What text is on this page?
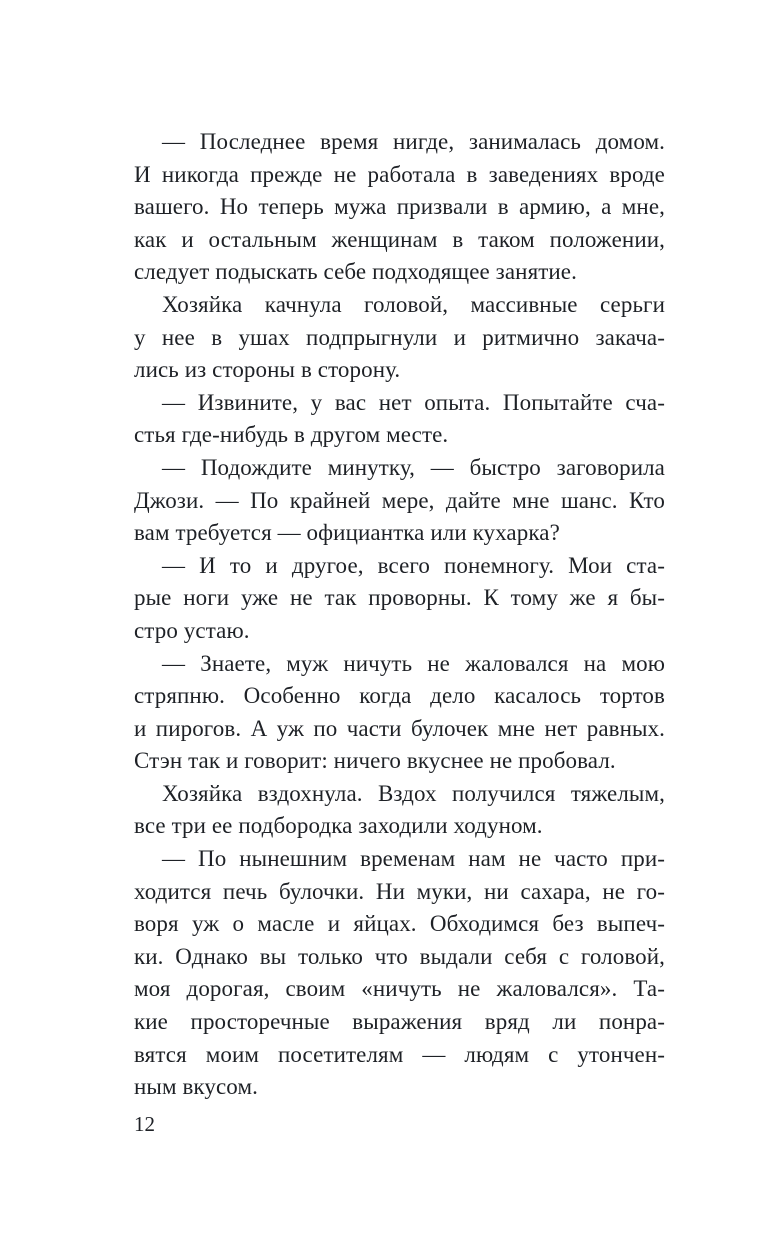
— Последнее время нигде, занималась домом.
И никогда прежде не работала в заведениях вроде
вашего. Но теперь мужа призвали в армию, а мне,
как и остальным женщинам в таком положении,
следует подыскать себе подходящее занятие.
Хозяйка качнула головой, массивные серьги
у нее в ушах подпрыгнули и ритмично закача-
лись из стороны в сторону.
— Извините, у вас нет опыта. Попытайте сча-
стья где-нибудь в другом месте.
— Подождите минутку, — быстро заговорила
Джози. — По крайней мере, дайте мне шанс. Кто
вам требуется — официантка или кухарка?
— И то и другое, всего понемногу. Мои ста-
рые ноги уже не так проворны. К тому же я бы-
стро устаю.
— Знаете, муж ничуть не жаловался на мою
стряпню. Особенно когда дело касалось тортов
и пирогов. А уж по части булочек мне нет равных.
Стэн так и говорит: ничего вкуснее не пробовал.
Хозяйка вздохнула. Вздох получился тяжелым,
все три ее подбородка заходили ходуном.
— По нынешним временам нам не часто при-
ходится печь булочки. Ни муки, ни сахара, не го-
воря уж о масле и яйцах. Обходимся без выпеч-
ки. Однако вы только что выдали себя с головой,
моя дорогая, своим «ничуть не жаловался». Та-
кие просторечные выражения вряд ли понра-
вятся моим посетителям — людям с утончен-
ным вкусом.
12
